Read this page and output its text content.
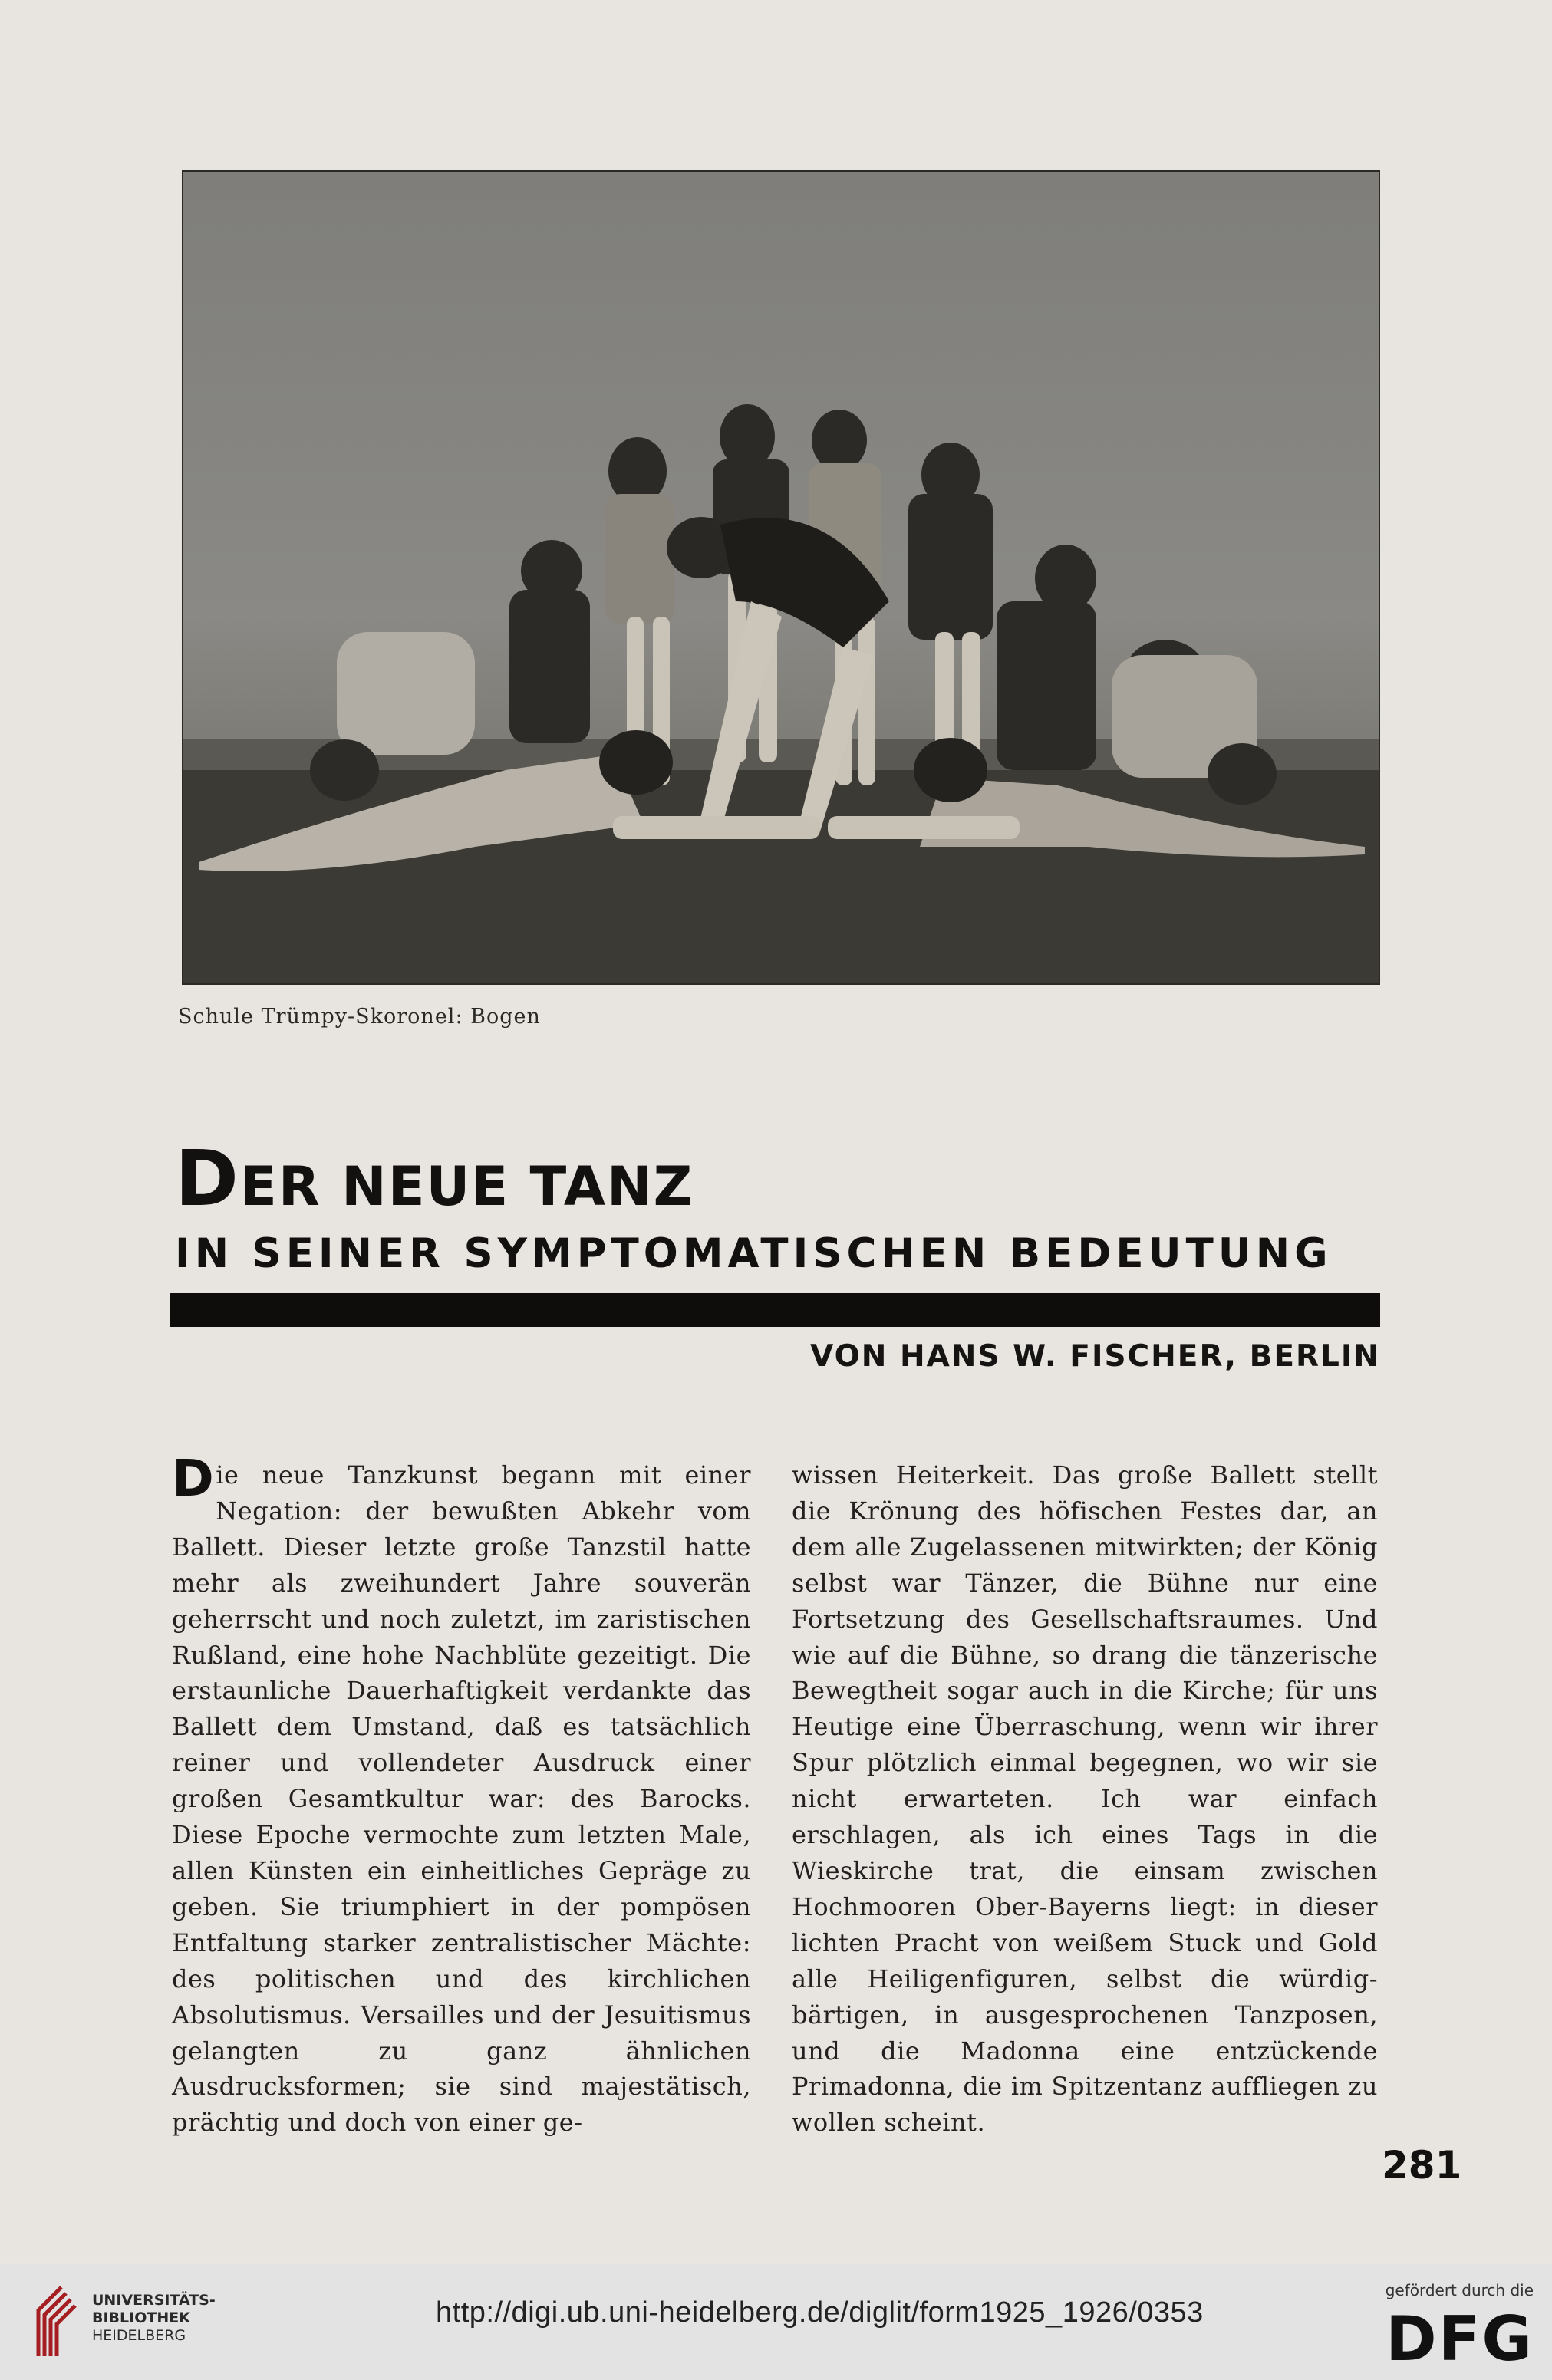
Schule Trümpy-Skoronel: Bogen
DER NEUE TANZ
IN SEINER SYMPTOMATISCHEN BEDEUTUNG
VON HANS W. FISCHER, BERLIN
Die neue Tanzkunst begann mit einer Negation: der bewußten Abkehr vom Ballett. Dieser letzte große Tanzstil hatte mehr als zweihundert Jahre souverän geherrscht und noch zuletzt, im zaristischen Rußland, eine hohe Nachblüte gezeitigt. Die erstaunliche Dauerhaftigkeit verdankte das Ballett dem Umstand, daß es tatsächlich reiner und vollendeter Ausdruck einer großen Gesamtkultur war: des Barocks. Diese Epoche vermochte zum letzten Male, allen Künsten ein einheitliches Gepräge zu geben. Sie triumphiert in der pompösen Entfaltung starker zentralistischer Mächte: des politischen und des kirchlichen Absolutismus. Versailles und der Jesuitismus gelangten zu ganz ähnlichen Ausdrucksformen; sie sind majestätisch, prächtig und doch von einer ge-
wissen Heiterkeit. Das große Ballett stellt die Krönung des höfischen Festes dar, an dem alle Zugelassenen mitwirkten; der König selbst war Tänzer, die Bühne nur eine Fortsetzung des Gesellschaftsraumes. Und wie auf die Bühne, so drang die tänzerische Bewegtheit sogar auch in die Kirche; für uns Heutige eine Überraschung, wenn wir ihrer Spur plötzlich einmal begegnen, wo wir sie nicht erwarteten. Ich war einfach erschlagen, als ich eines Tags in die Wieskirche trat, die einsam zwischen Hochmooren Ober-Bayerns liegt: in dieser lichten Pracht von weißem Stuck und Gold alle Heiligenfiguren, selbst die würdig-bärtigen, in ausgesprochenen Tanzposen, und die Madonna eine entzückende Primadonna, die im Spitzentanz auffliegen zu wollen scheint.
281
UNIVERSITÄTS-
BIBLIOTHEK
HEIDELBERG
http://digi.ub.uni-heidelberg.de/diglit/form1925_1926/0353
gefördert durch die
DFG
